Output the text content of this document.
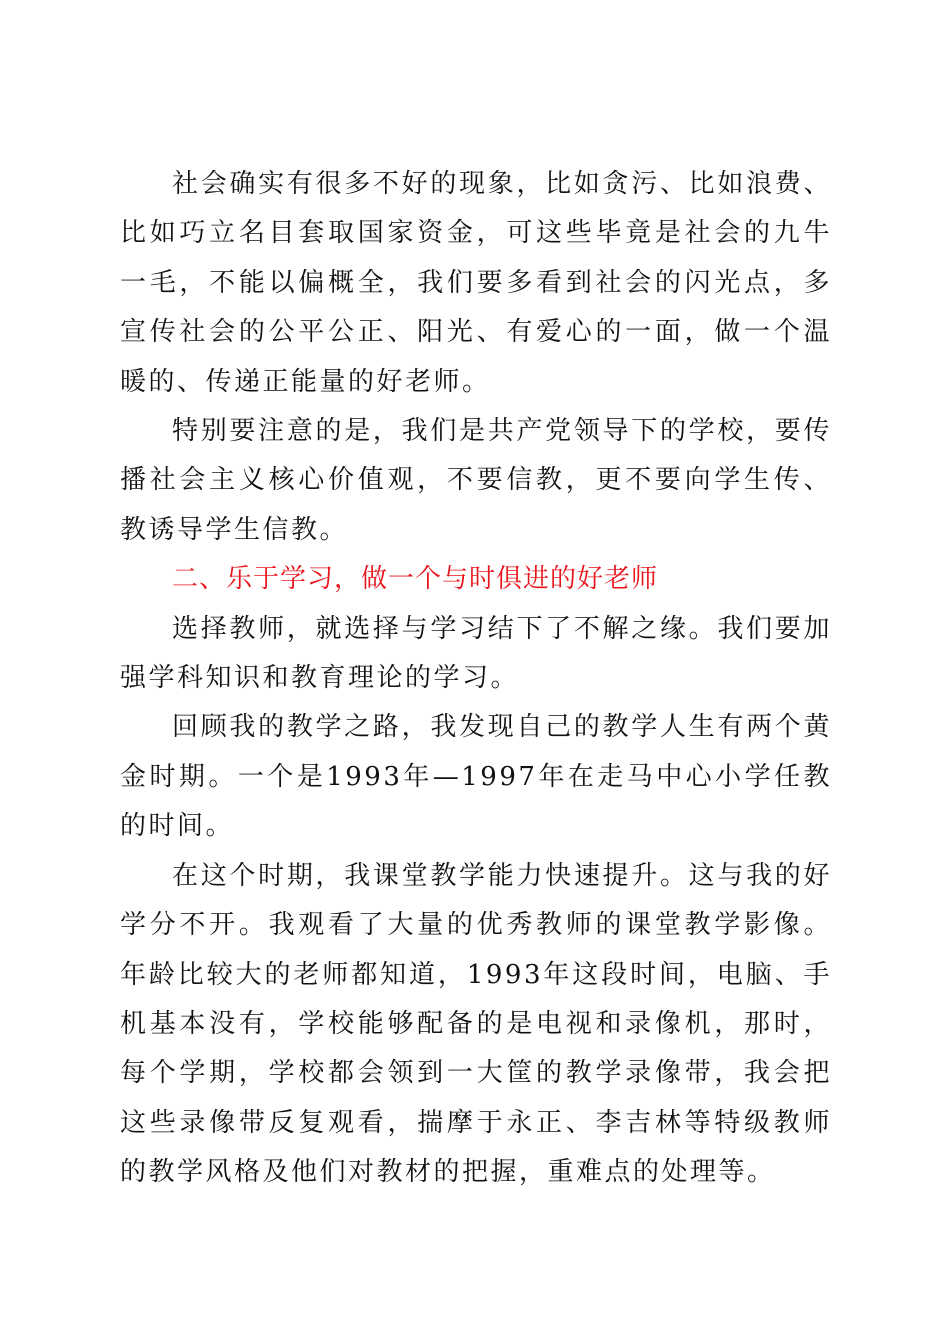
社会确实有很多不好的现象，比如贪污、比如浪费、比如巧立名目套取国家资金，可这些毕竟是社会的九牛一毛，不能以偏概全，我们要多看到社会的闪光点，多宣传社会的公平公正、阳光、有爱心的一面，做一个温暖的、传递正能量的好老师。

特别要注意的是，我们是共产党领导下的学校，要传播社会主义核心价值观，不要信教，更不要向学生传、教诱导学生信教。

二、乐于学习，做一个与时俱进的好老师

选择教师，就选择与学习结下了不解之缘。我们要加强学科知识和教育理论的学习。

回顾我的教学之路，我发现自己的教学人生有两个黄金时期。一个是1993年—1997年在走马中心小学任教的时间。

在这个时期，我课堂教学能力快速提升。这与我的好学分不开。我观看了大量的优秀教师的课堂教学影像。年龄比较大的老师都知道，1993年这段时间，电脑、手机基本没有，学校能够配备的是电视和录像机，那时，每个学期，学校都会领到一大筐的教学录像带，我会把这些录像带反复观看，揣摩于永正、李吉林等特级教师的教学风格及他们对教材的把握，重难点的处理等。
